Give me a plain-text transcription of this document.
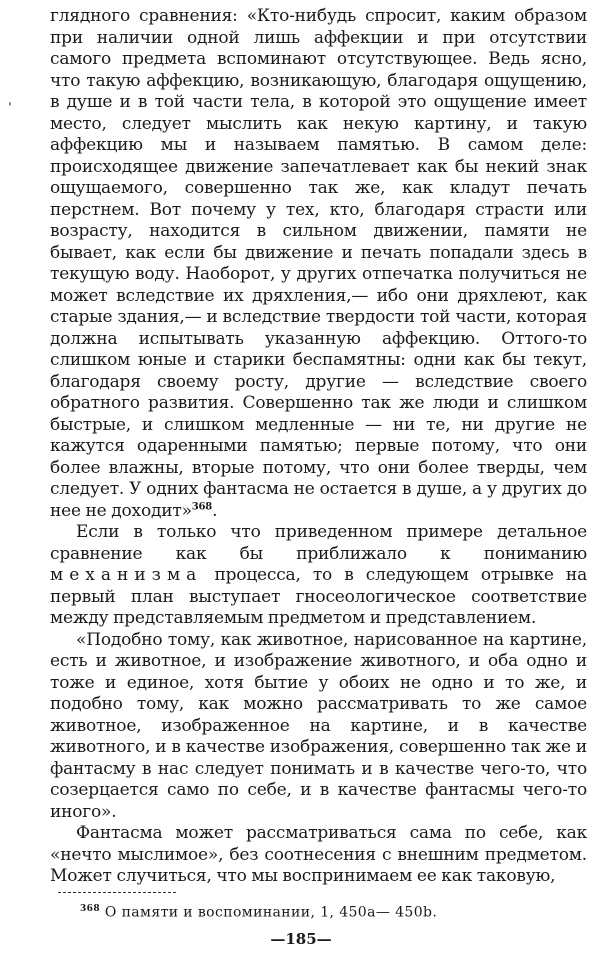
ˌ

глядного сравнения: «Кто-нибудь спросит, каким образом при наличии одной лишь аффекции и при отсутствии самого предмета вспоминают отсутствующее. Ведь ясно, что такую аффекцию, возникающую, благодаря ощущению, в душе и в той части тела, в которой это ощущение имеет место, следует мыслить как некую картину, и такую аффекцию мы и называем памятью. В самом деле: происходящее движение запечатлевает как бы некий знак ощущаемого, совершенно так же, как кладут печать перстнем. Вот почему у тех, кто, благодаря страсти или возрасту, находится в сильном движении, памяти не бывает, как если бы движение и печать попадали здесь в текущую воду. Наоборот, у других отпечатка получиться не может вследствие их дряхления,— ибо они дряхлеют, как старые здания,— и вследствие твердости той части, которая должна испытывать указанную аффекцию. Оттого-то слишком юные и старики беспамятны: одни как бы текут, благодаря своему росту, другие — вследствие своего обратного развития. Совершенно так же люди и слишком быстрые, и слишком медленные — ни те, ни другие не кажутся одаренными памятью; первые потому, что они более влажны, вторые потому, что они более тверды, чем следует. У одних фантасма не остается в душе, а у других до нее не доходит»$^{368}$.

Если в только что приведенном примере детальное сравнение как бы приближало к пониманию механизма процесса, то в следующем отрывке на первый план выступает гносеологическое соответствие между представляемым предметом и представлением.

«Подобно тому, как животное, нарисованное на картине, есть и животное, и изображение животного, и оба одно и тоже и единое, хотя бытие у обоих не одно и то же, и подобно тому, как можно рассматривать то же самое животное, изображенное на картине, и в качестве животного, и в качестве изображения, совершенно так же и фантасму в нас следует понимать и в качестве чего-то, что созерцается само по себе, и в качестве фантасмы чего-то иного».

Фантасма может рассматриваться сама по себе, как «нечто мыслимое», без соотнесения с внешним предметом. Может случиться, что мы воспринимаем ее как таковую,

$^{368}$ О памяти и воспоминании, 1, 450а— 450b.
—185—
